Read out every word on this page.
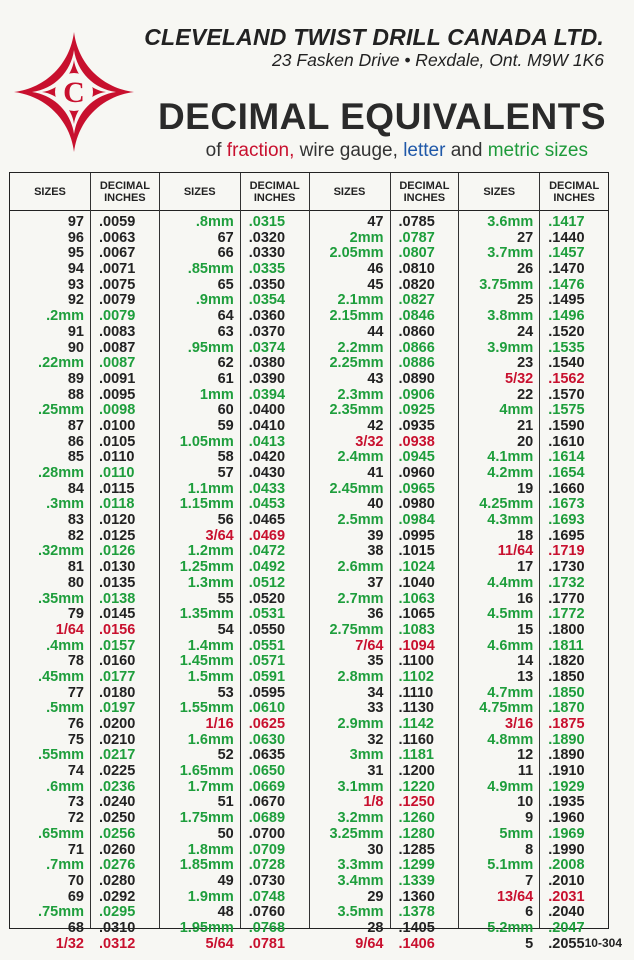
C
CLEVELAND TWIST DRILL CANADA LTD.
23 Fasken Drive • Rexdale, Ont. M9W 1K6
DECIMAL EQUIVALENTS
of fraction, wire gauge, letter and metric sizes
SIZES	DECIMAL
INCHES
97	.0059
96	.0063
95	.0067
94	.0071
93	.0075
92	.0079
.2mm	.0079
91	.0083
90	.0087
.22mm	.0087
89	.0091
88	.0095
.25mm	.0098
87	.0100
86	.0105
85	.0110
.28mm	.0110
84	.0115
.3mm	.0118
83	.0120
82	.0125
.32mm	.0126
81	.0130
80	.0135
.35mm	.0138
79	.0145
1/64	.0156
.4mm	.0157
78	.0160
.45mm	.0177
77	.0180
.5mm	.0197
76	.0200
75	.0210
.55mm	.0217
74	.0225
.6mm	.0236
73	.0240
72	.0250
.65mm	.0256
71	.0260
.7mm	.0276
70	.0280
69	.0292
.75mm	.0295
68	.0310
1/32	.0312
SIZES	DECIMAL
INCHES
.8mm	.0315
67	.0320
66	.0330
.85mm	.0335
65	.0350
.9mm	.0354
64	.0360
63	.0370
.95mm	.0374
62	.0380
61	.0390
1mm	.0394
60	.0400
59	.0410
1.05mm	.0413
58	.0420
57	.0430
1.1mm	.0433
1.15mm	.0453
56	.0465
3/64	.0469
1.2mm	.0472
1.25mm	.0492
1.3mm	.0512
55	.0520
1.35mm	.0531
54	.0550
1.4mm	.0551
1.45mm	.0571
1.5mm	.0591
53	.0595
1.55mm	.0610
1/16	.0625
1.6mm	.0630
52	.0635
1.65mm	.0650
1.7mm	.0669
51	.0670
1.75mm	.0689
50	.0700
1.8mm	.0709
1.85mm	.0728
49	.0730
1.9mm	.0748
48	.0760
1.95mm	.0768
5/64	.0781
SIZES	DECIMAL
INCHES
47	.0785
2mm	.0787
2.05mm	.0807
46	.0810
45	.0820
2.1mm	.0827
2.15mm	.0846
44	.0860
2.2mm	.0866
2.25mm	.0886
43	.0890
2.3mm	.0906
2.35mm	.0925
42	.0935
3/32	.0938
2.4mm	.0945
41	.0960
2.45mm	.0965
40	.0980
2.5mm	.0984
39	.0995
38	.1015
2.6mm	.1024
37	.1040
2.7mm	.1063
36	.1065
2.75mm	.1083
7/64	.1094
35	.1100
2.8mm	.1102
34	.1110
33	.1130
2.9mm	.1142
32	.1160
3mm	.1181
31	.1200
3.1mm	.1220
1/8	.1250
3.2mm	.1260
3.25mm	.1280
30	.1285
3.3mm	.1299
3.4mm	.1339
29	.1360
3.5mm	.1378
28	.1405
9/64	.1406
SIZES	DECIMAL
INCHES
3.6mm	.1417
27	.1440
3.7mm	.1457
26	.1470
3.75mm	.1476
25	.1495
3.8mm	.1496
24	.1520
3.9mm	.1535
23	.1540
5/32	.1562
22	.1570
4mm	.1575
21	.1590
20	.1610
4.1mm	.1614
4.2mm	.1654
19	.1660
4.25mm	.1673
4.3mm	.1693
18	.1695
11/64	.1719
17	.1730
4.4mm	.1732
16	.1770
4.5mm	.1772
15	.1800
4.6mm	.1811
14	.1820
13	.1850
4.7mm	.1850
4.75mm	.1870
3/16	.1875
4.8mm	.1890
12	.1890
11	.1910
4.9mm	.1929
10	.1935
9	.1960
5mm	.1969
8	.1990
5.1mm	.2008
7	.2010
13/64	.2031
6	.2040
5.2mm	.2047
5	.2055 10-304
